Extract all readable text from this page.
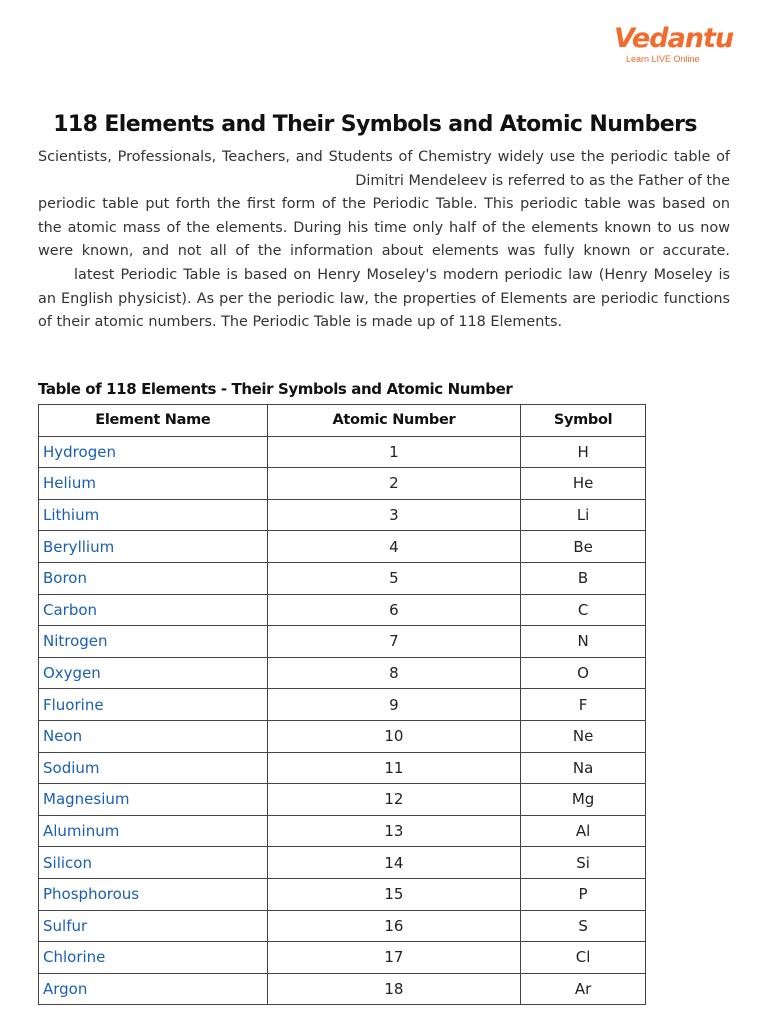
Vedantu
Learn LIVE Online
118 Elements and Their Symbols and Atomic Numbers
Scientists, Professionals, Teachers, and Students of Chemistry widely use the periodic table of
Dimitri Mendeleev is referred to as the Father of the
periodic table put forth the first form of the Periodic Table. This periodic table was based on
the atomic mass of the elements. During his time only half of the elements known to us now
were known, and not all of the information about elements was fully known or accurate.
latest Periodic Table is based on Henry Moseley's modern periodic law (Henry Moseley is
an English physicist). As per the periodic law, the properties of Elements are periodic functions
of their atomic numbers. The Periodic Table is made up of 118 Elements.
Table of 118 Elements - Their Symbols and Atomic Number
Element Name	Atomic Number	Symbol
Hydrogen	1	H
Helium	2	He
Lithium	3	Li
Beryllium	4	Be
Boron	5	B
Carbon	6	C
Nitrogen	7	N
Oxygen	8	O
Fluorine	9	F
Neon	10	Ne
Sodium	11	Na
Magnesium	12	Mg
Aluminum	13	Al
Silicon	14	Si
Phosphorous	15	P
Sulfur	16	S
Chlorine	17	Cl
Argon	18	Ar
